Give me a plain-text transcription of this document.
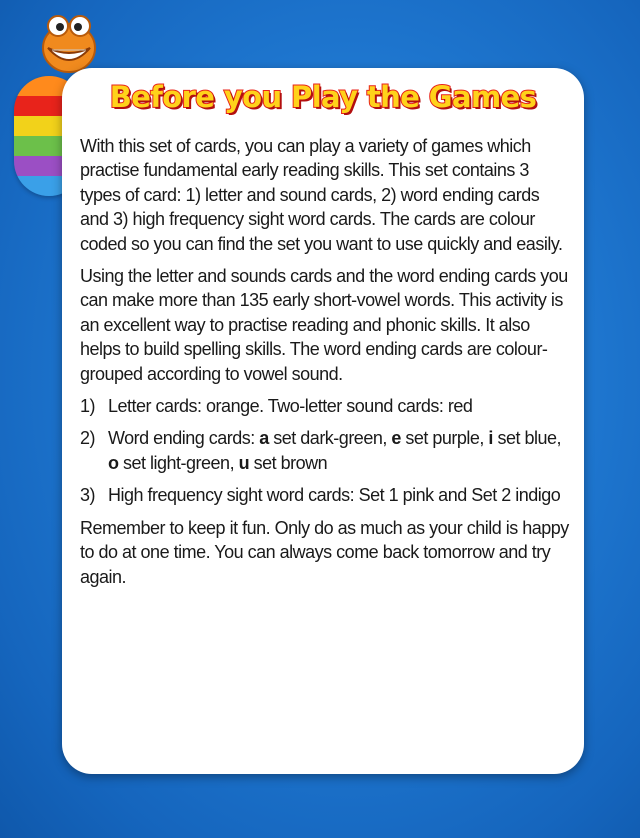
Before you Play the Games

With this set of cards, you can play a variety of games which practise fundamental early reading skills. This set contains 3 types of card: 1) letter and sound cards, 2) word ending cards and 3) high frequency sight word cards. The cards are colour coded so you can find the set you want to use quickly and easily.

Using the letter and sounds cards and the word ending cards you can make more than 135 early short-vowel words. This activity is an excellent way to practise reading and phonic skills. It also helps to build spelling skills. The word ending cards are colour-grouped according to vowel sound.

1) Letter cards: orange. Two-letter sound cards: red
2) Word ending cards: a set dark-green, e set purple, i set blue, o set light-green, u set brown
3) High frequency sight word cards: Set 1 pink and Set 2 indigo

Remember to keep it fun. Only do as much as your child is happy to do at one time. You can always come back tomorrow and try again.
